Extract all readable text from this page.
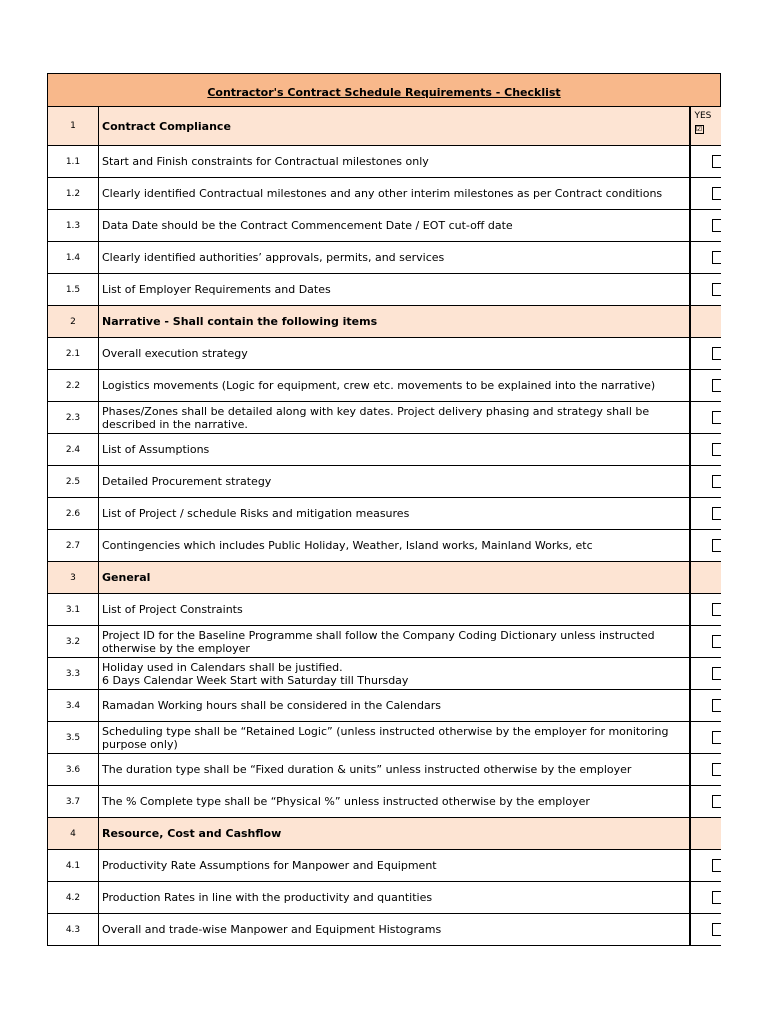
Contractor's Contract Schedule Requirements - Checklist		
1	Contract Compliance	YES
☑

1.1	Start and Finish constraints for Contractual milestones only	

1.2	Clearly identified Contractual milestones and any other interim milestones as per Contract conditions	

1.3	Data Date should be the Contract Commencement Date / EOT cut-off date	

1.4	Clearly identified authorities’ approvals, permits, and services	

1.5	List of Employer Requirements and Dates	

2	Narrative - Shall contain the following items	

2.1	Overall execution strategy	

2.2	Logistics movements (Logic for equipment, crew etc. movements to be explained into the narrative)	

2.3	Phases/Zones shall be detailed along with key dates. Project delivery phasing and strategy shall be described in the narrative.	

2.4	List of Assumptions	

2.5	Detailed Procurement strategy	

2.6	List of Project / schedule Risks and mitigation measures	

2.7	Contingencies which includes Public Holiday, Weather, Island works, Mainland Works, etc	

3	General	

3.1	List of Project Constraints	

3.2	Project ID for the Baseline Programme shall follow the Company Coding Dictionary unless instructed otherwise by the employer	

3.3	Holiday used in Calendars shall be justified.
6 Days Calendar Week Start with Saturday till Thursday	

3.4	Ramadan Working hours shall be considered in the Calendars	

3.5	Scheduling type shall be “Retained Logic” (unless instructed otherwise by the employer for monitoring purpose only)	

3.6	The duration type shall be “Fixed duration & units” unless instructed otherwise by the employer	

3.7	The % Complete type shall be “Physical %” unless instructed otherwise by the employer	

4	Resource, Cost and Cashflow	

4.1	Productivity Rate Assumptions for Manpower and Equipment	

4.2	Production Rates in line with the productivity and quantities	

4.3	Overall and trade-wise Manpower and Equipment Histograms	
